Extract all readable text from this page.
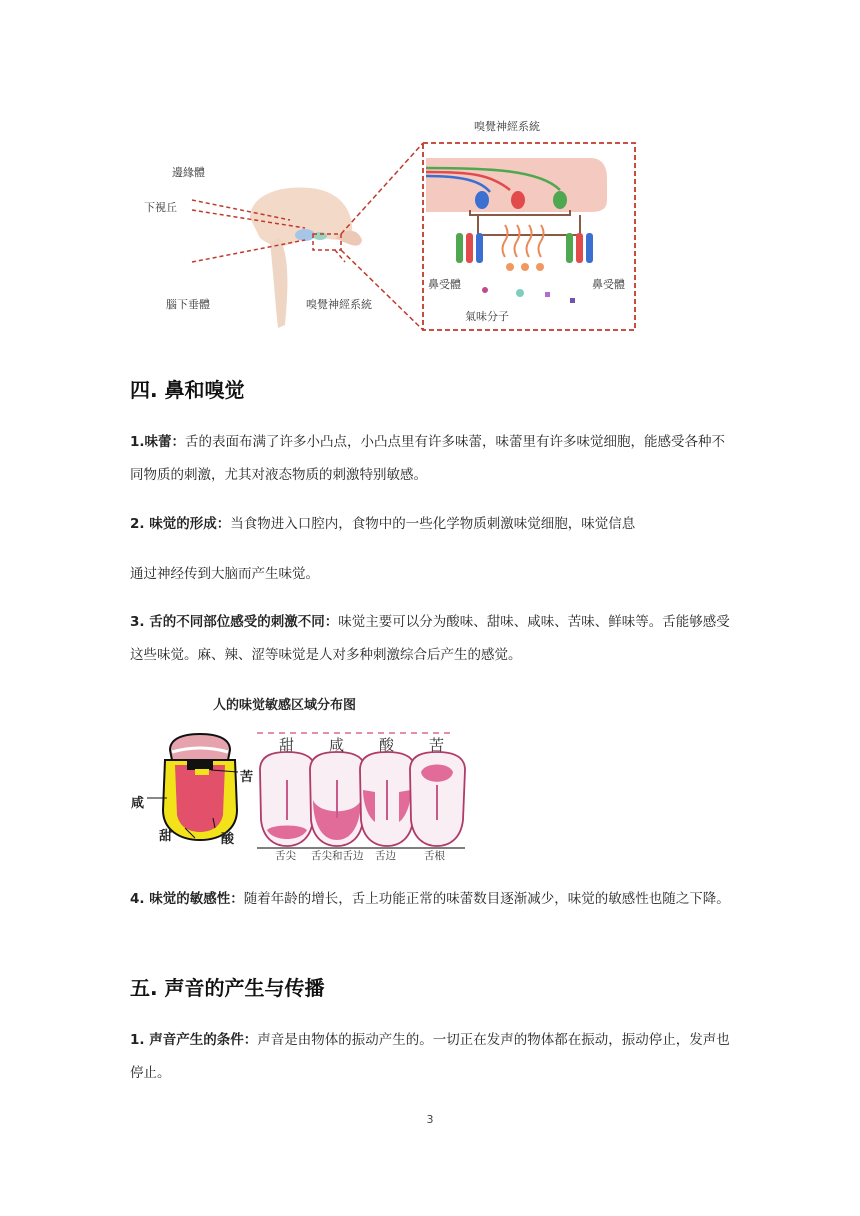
邊緣體
下視丘
腦下垂體	嗅覺神經系統
嗅覺神經系統
鼻受體	鼻受體
氣味分子
四. 鼻和嗅觉
1.味蕾：舌的表面布满了许多小凸点，小凸点里有许多味蕾，味蕾里有许多味觉细胞，能感受各种不同物质的刺激，尤其对液态物质的刺激特别敏感。
2. 味觉的形成：当食物进入口腔内，食物中的一些化学物质刺激味觉细胞，味觉信息
通过神经传到大脑而产生味觉。
3. 舌的不同部位感受的刺激不同：味觉主要可以分为酸味、甜味、咸味、苦味、鲜味等。舌能够感受这些味觉。麻、辣、涩等味觉是人对多种刺激综合后产生的感觉。
人的味觉敏感区域分布图
苦
咸
甜	酸
甜 咸 酸 苦
舌尖 舌尖和舌边 舌边	舌根
4. 味觉的敏感性：随着年龄的增长，舌上功能正常的味蕾数目逐渐减少，味觉的敏感性也随之下降。
五. 声音的产生与传播
1. 声音产生的条件：声音是由物体的振动产生的。一切正在发声的物体都在振动，振动停止，发声也停止。
3
